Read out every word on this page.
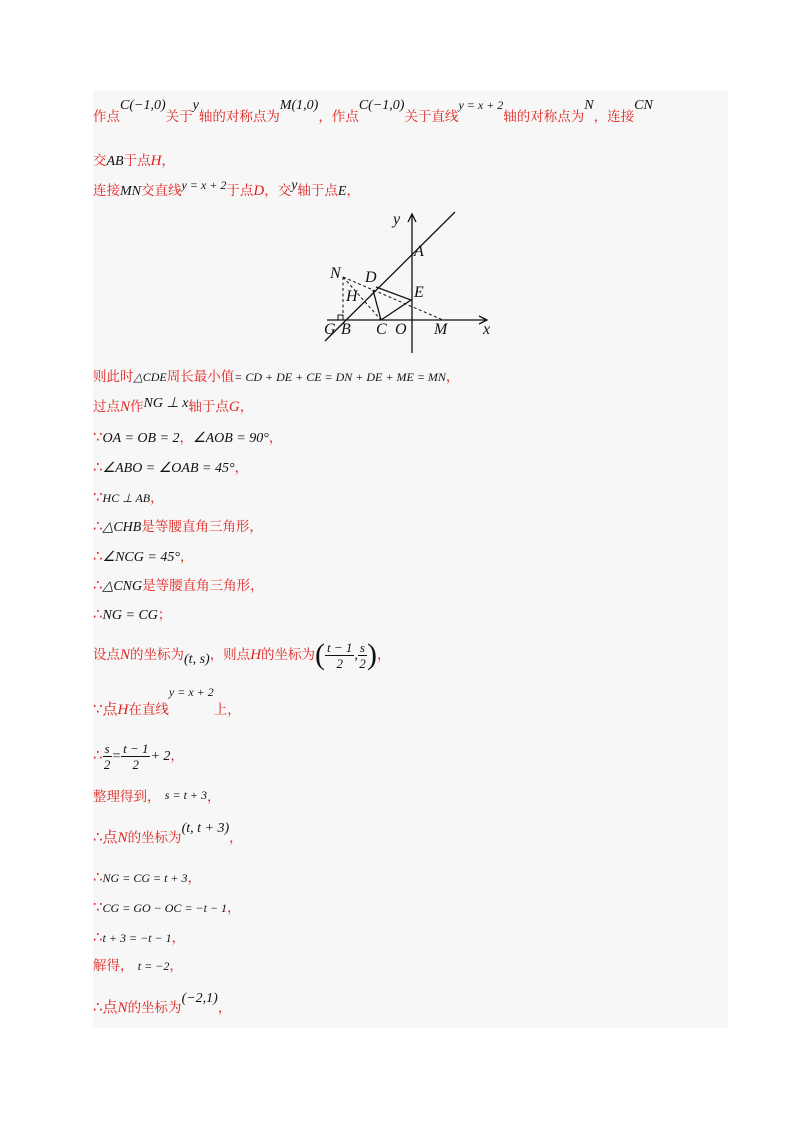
作点C(−1,0)关于y轴的对称点为M(1,0)，作点C(−1,0)关于直线y = x + 2轴的对称点为N，连接CN
交AB于点H，
连接MN交直线y = x + 2于点D，交y轴于点E，
y
x
A
D
N
H	E
G B C O M
则此时△CDE周长最小值= CD + DE + CE = DN + DE + ME = MN，
过点N作NG ⊥ x轴于点G，
∵OA = OB = 2，∠AOB = 90°，
∴∠ABO = ∠OAB = 45°，
∵HC ⊥ AB，
∴△CHB是等腰直角三角形，
∴∠NCG = 45°，
∴△CNG是等腰直角三角形，
∴NG = CG；
设点N的坐标为(t, s)，则点H的坐标为( $\frac{t - 1}{2}$ , $\frac{s}{2}$ )，
∵点H在直线y = x + 2上，
∴ $\frac{s}{2} = \frac{t - 1}{2} + 2$，
整理得到， s = t + 3，
∴点N的坐标为(t, t + 3)，
∴NG = CG = t + 3，
∵CG = GO − OC = −t − 1，
∴t + 3 = −t − 1，
解得， t = −2，
∴点N的坐标为(−2,1)，
